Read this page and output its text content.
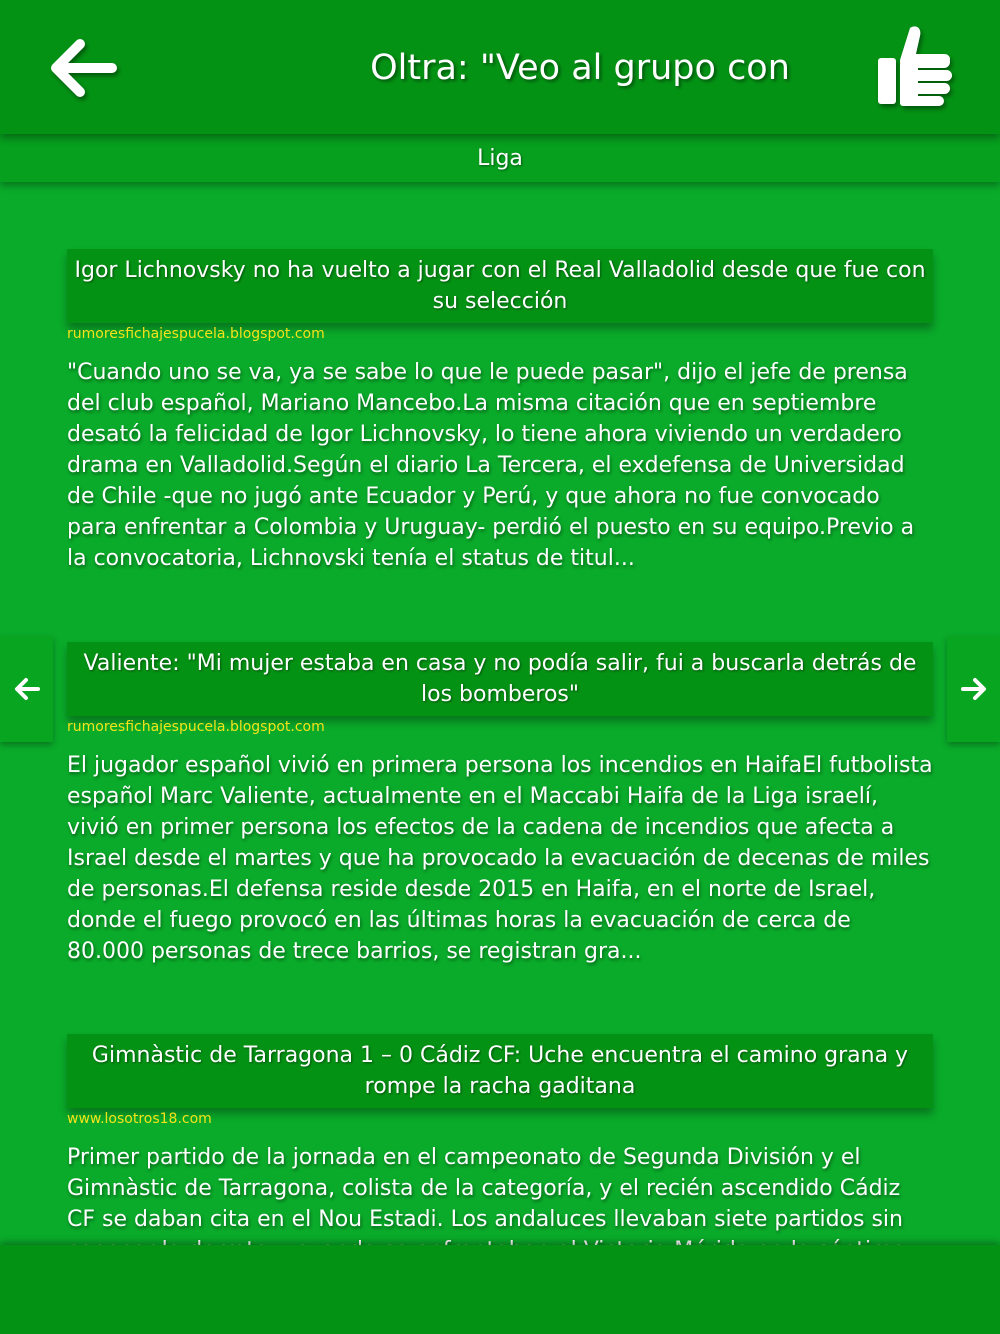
Oltra: "Veo al grupo con
Liga
Igor Lichnovsky no ha vuelto a jugar con el Real Valladolid desde que fue con su selección
rumoresfichajespucela.blogspot.com
"Cuando uno se va, ya se sabe lo que le puede pasar", dijo el jefe de prensa del club español, Mariano Mancebo.La misma citación que en septiembre desató la felicidad de Igor Lichnovsky, lo tiene ahora viviendo un verdadero drama en Valladolid.Según el diario La Tercera, el exdefensa de Universidad de Chile -que no jugó ante Ecuador y Perú, y que ahora no fue convocado para enfrentar a Colombia y Uruguay- perdió el puesto en su equipo.Previo a la convocatoria, Lichnovski tenía el status de titul...
Valiente: "Mi mujer estaba en casa y no podía salir, fui a buscarla detrás de los bomberos"
rumoresfichajespucela.blogspot.com
El jugador español vivió en primera persona los incendios en HaifaEl futbolista español Marc Valiente, actualmente en el Maccabi Haifa de la Liga israelí, vivió en primer persona los efectos de la cadena de incendios que afecta a Israel desde el martes y que ha provocado la evacuación de decenas de miles de personas.El defensa reside desde 2015 en Haifa, en el norte de Israel, donde el fuego provocó en las últimas horas la evacuación de cerca de 80.000 personas de trece barrios, se registran gra...
Gimnàstic de Tarragona 1 – 0 Cádiz CF: Uche encuentra el camino grana y rompe la racha gaditana
www.losotros18.com
Primer partido de la jornada en el campeonato de Segunda División y el Gimnàstic de Tarragona, colista de la categoría, y el recién ascendido Cádiz CF se daban cita en el Nou Estadi. Los andaluces llevaban siete partidos sin
